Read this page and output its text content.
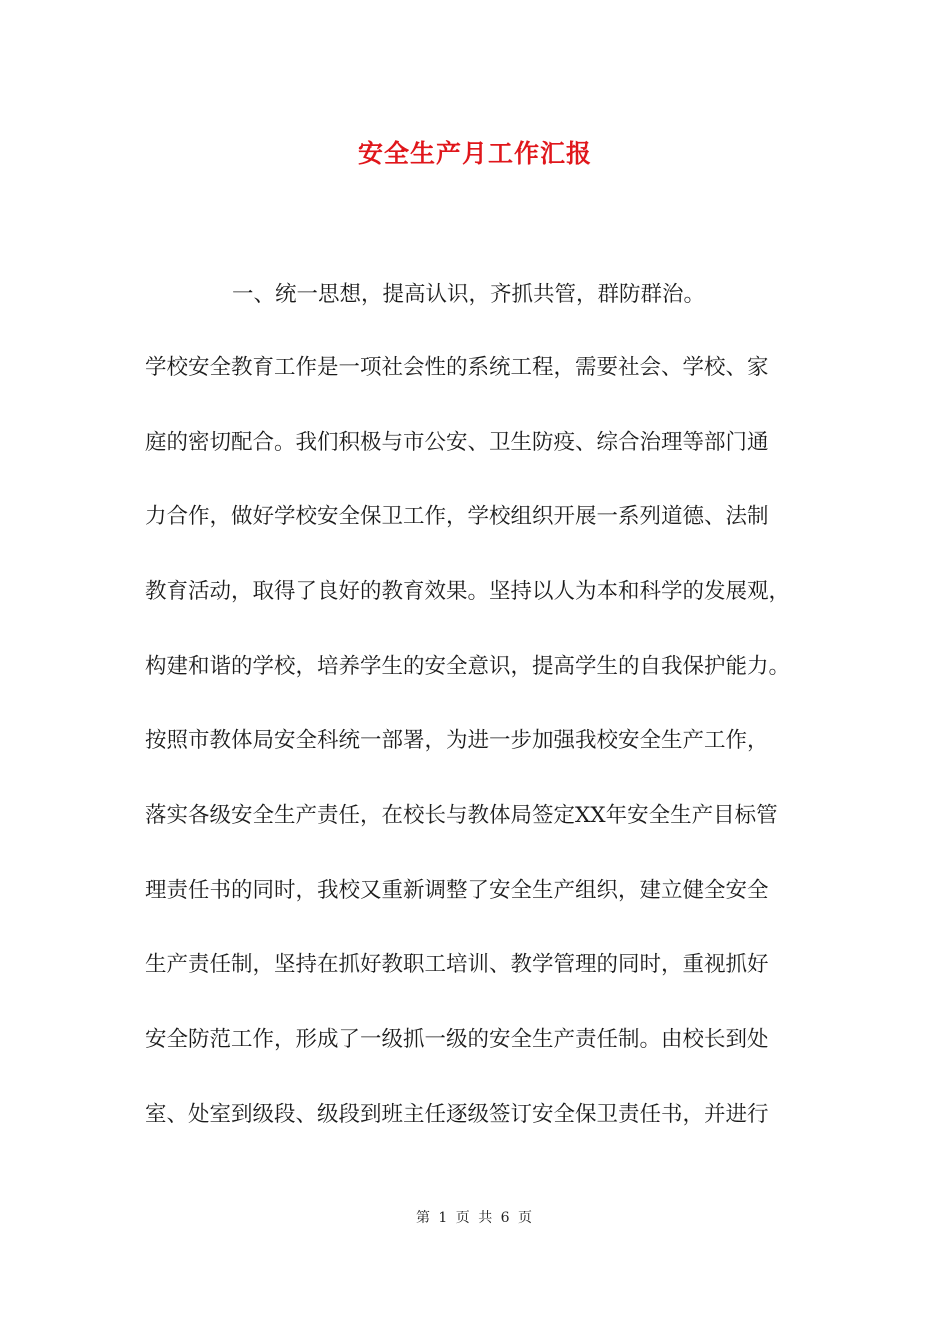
安全生产月工作汇报
一、统一思想，提高认识，齐抓共管，群防群治。
学校安全教育工作是一项社会性的系统工程，需要社会、学校、家
庭的密切配合。我们积极与市公安、卫生防疫、综合治理等部门通
力合作，做好学校安全保卫工作，学校组织开展一系列道德、法制
教育活动，取得了良好的教育效果。坚持以人为本和科学的发展观，
构建和谐的学校，培养学生的安全意识，提高学生的自我保护能力。
按照市教体局安全科统一部署，为进一步加强我校安全生产工作，
落实各级安全生产责任，在校长与教体局签定XX年安全生产目标管
理责任书的同时，我校又重新调整了安全生产组织，建立健全安全
生产责任制，坚持在抓好教职工培训、教学管理的同时，重视抓好
安全防范工作，形成了一级抓一级的安全生产责任制。由校长到处
室、处室到级段、级段到班主任逐级签订安全保卫责任书，并进行
第 1 页 共 6 页
